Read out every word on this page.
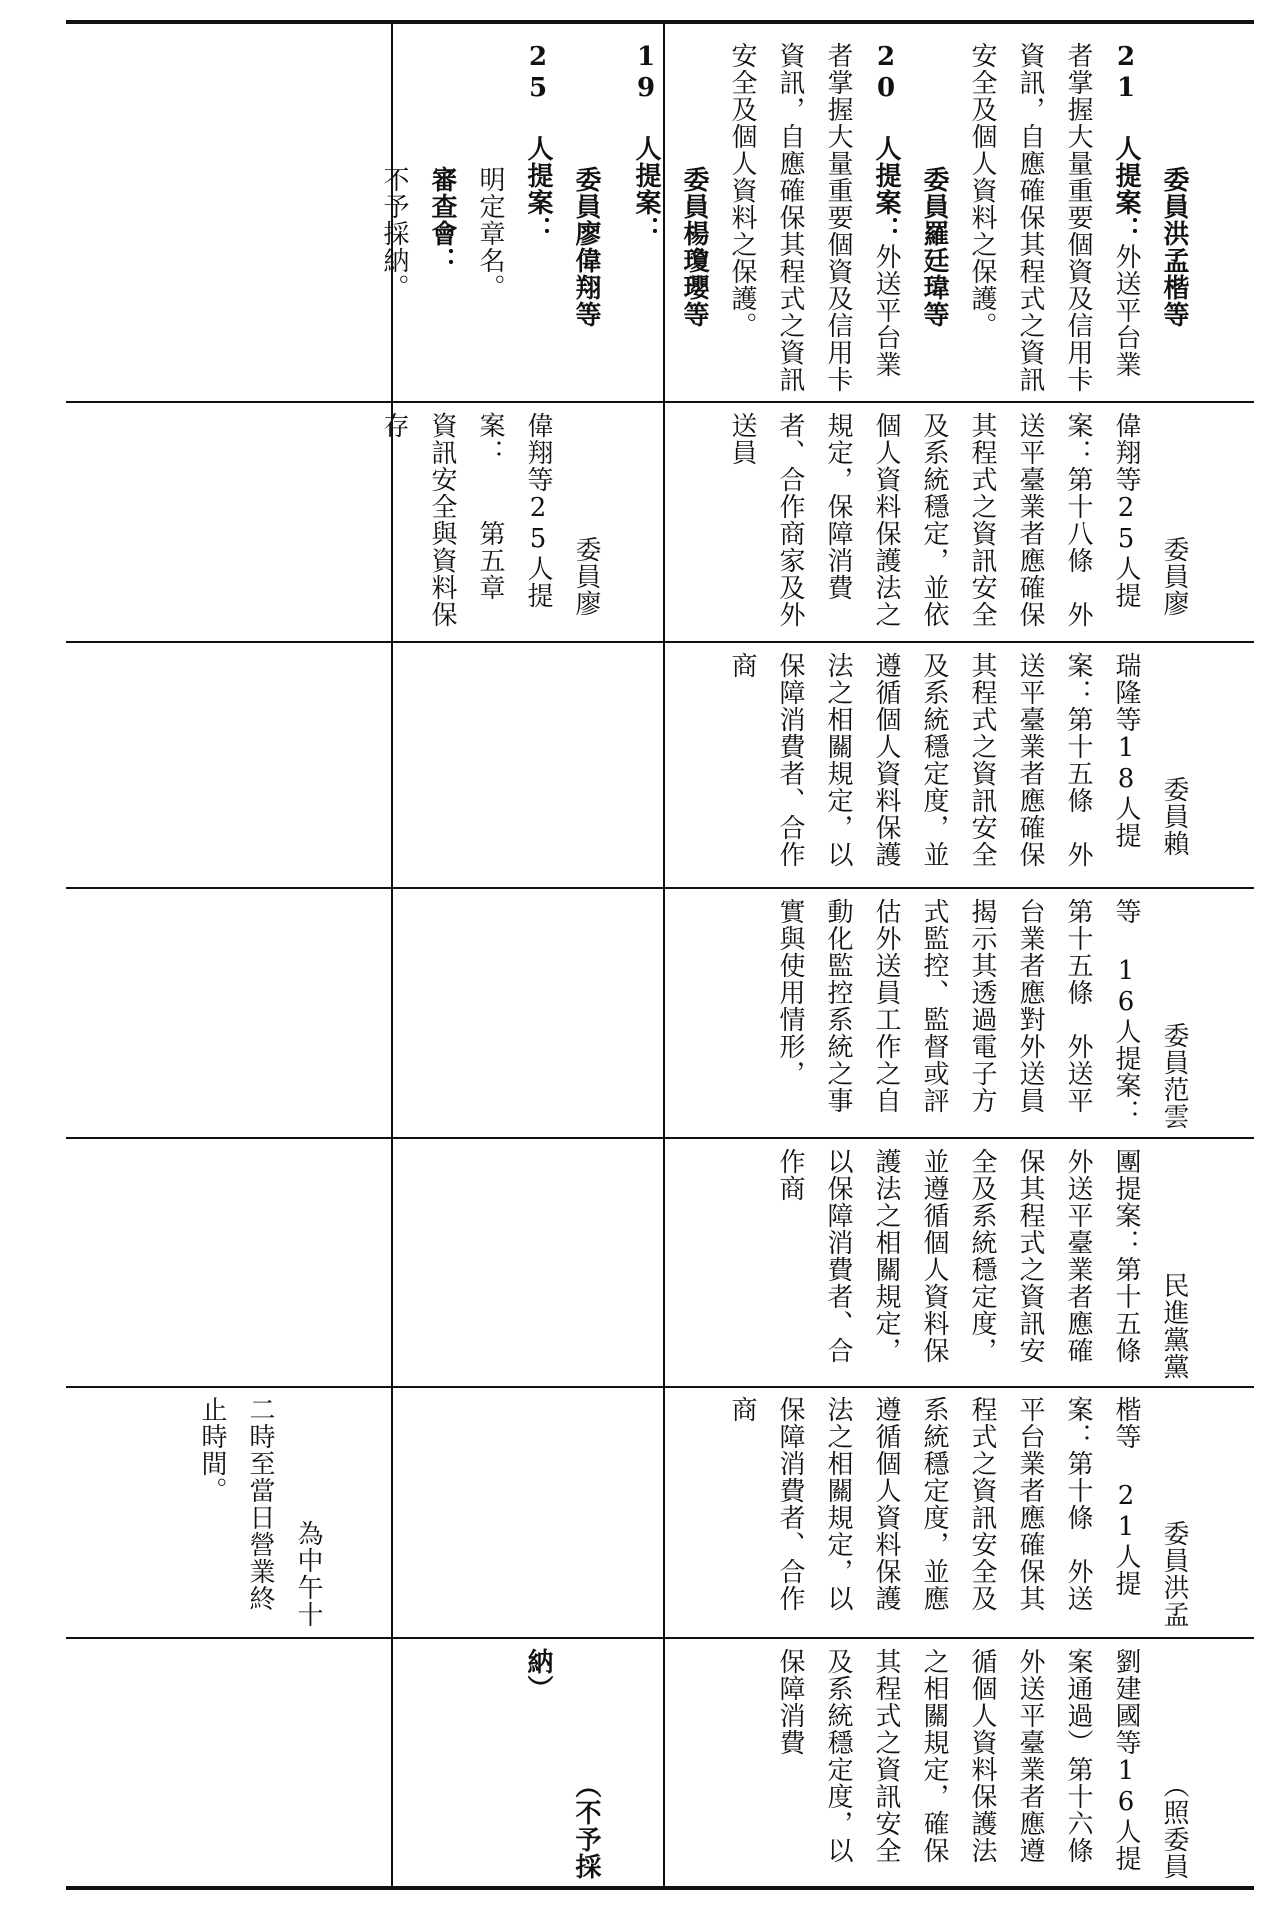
委員洪孟楷等 21 人提案：外送平台業者掌握大量重要個資及信用卡資訊，自應確保其程式之資訊安全及個人資料之保護。
委員羅廷瑋等 20 人提案：外送平台業者掌握大量重要個資及信用卡資訊，自應確保其程式之資訊安全及個人資料之保護。
委員楊瓊瓔等 19 人提案：

委員廖偉翔等 25 人提案：
明定章名。
審查會：
不予採納。

委員廖偉翔等25人提案：　　第五章　資訊安全與資料保存

委員廖偉翔等25人提案：第十八條　外送平臺業者應確保其程式之資訊安全及系統穩定，並依個人資料保護法之規定，保障消費者、合作商家及外送員

委員賴瑞隆等18人提案：第十五條　外送平臺業者應確保其程式之資訊安全及系統穩定度，並遵循個人資料保護法之相關規定，以保障消費者、合作商

委員范雲等 16人提案：第十五條　外送平台業者應對外送員揭示其透過電子方式監控、監督或評估外送員工作之自動化監控系統之事實與使用情形，

民進黨黨團提案：第十五條　外送平臺業者應確保其程式之資訊安全及系統穩定度，並遵循個人資料保護法之相關規定，以保障消費者、合作商

為中午十二時至當日營業終止時間。

委員洪孟楷等 21人提案：第十條　外送平台業者應確保其程式之資訊安全及系統穩定度，並應遵循個人資料保護法之相關規定，以保障消費者、合作商

（不予採納）

（照委員劉建國等16人提案通過）第十六條　外送平臺業者應遵循個人資料保護法之相關規定，確保其程式之資訊安全及系統穩定度，以保障消費
